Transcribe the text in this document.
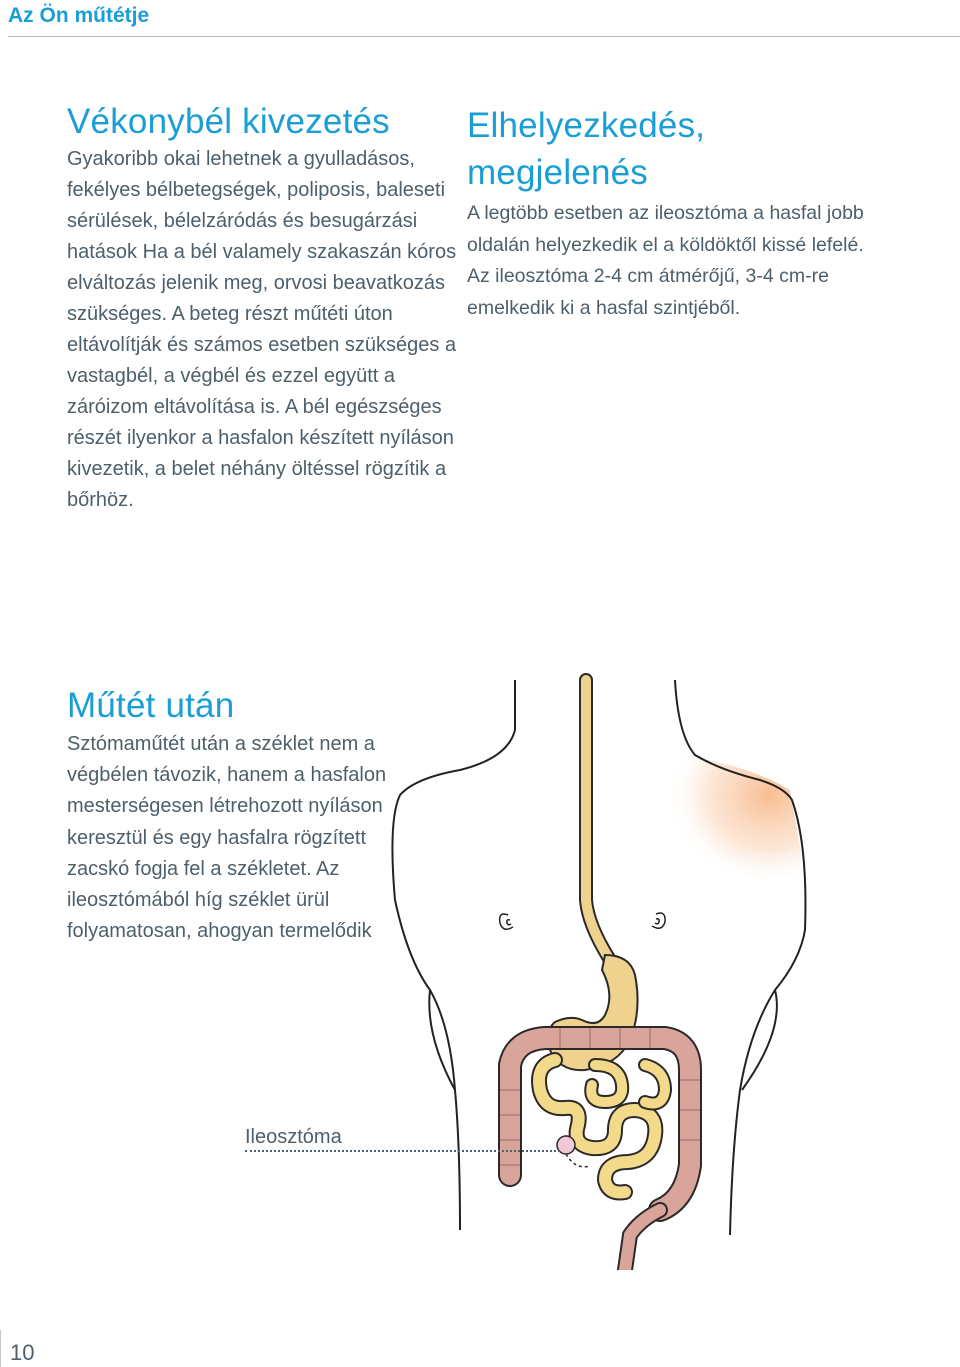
Az Ön műtétje
Vékonybél kivezetés

Gyakoribb okai lehetnek a gyulladásos, fekélyes bélbetegségek, poliposis, baleseti sérülések, bélelzáródás és besugárzási hatások Ha a bél valamely szakaszán kóros elváltozás jelenik meg, orvosi beavatkozás szükséges. A beteg részt műtéti úton eltávolítják és számos esetben szükséges a vastagbél, a végbél és ezzel együtt a záróizom eltávolítása is. A bél egészséges részét ilyenkor a hasfalon készített nyíláson kivezetik, a belet néhány öltéssel rögzítik a bőrhöz.

Elhelyezkedés, megjelenés

A legtöbb esetben az ileosztóma a hasfal jobb oldalán helyezkedik el a köldöktől kissé lefelé. Az ileosztóma 2-4 cm átmérőjű, 3-4 cm-re emelkedik ki a hasfal szintjéből.

Műtét után

Sztómaműtét után a széklet nem a végbélen távozik, hanem a hasfalon mesterségesen létrehozott nyíláson keresztül és egy hasfalra rögzített zacskó fogja fel a székletet. Az ileosztómából híg széklet ürül folyamatosan, ahogyan termelődik

Ileosztóma
10
